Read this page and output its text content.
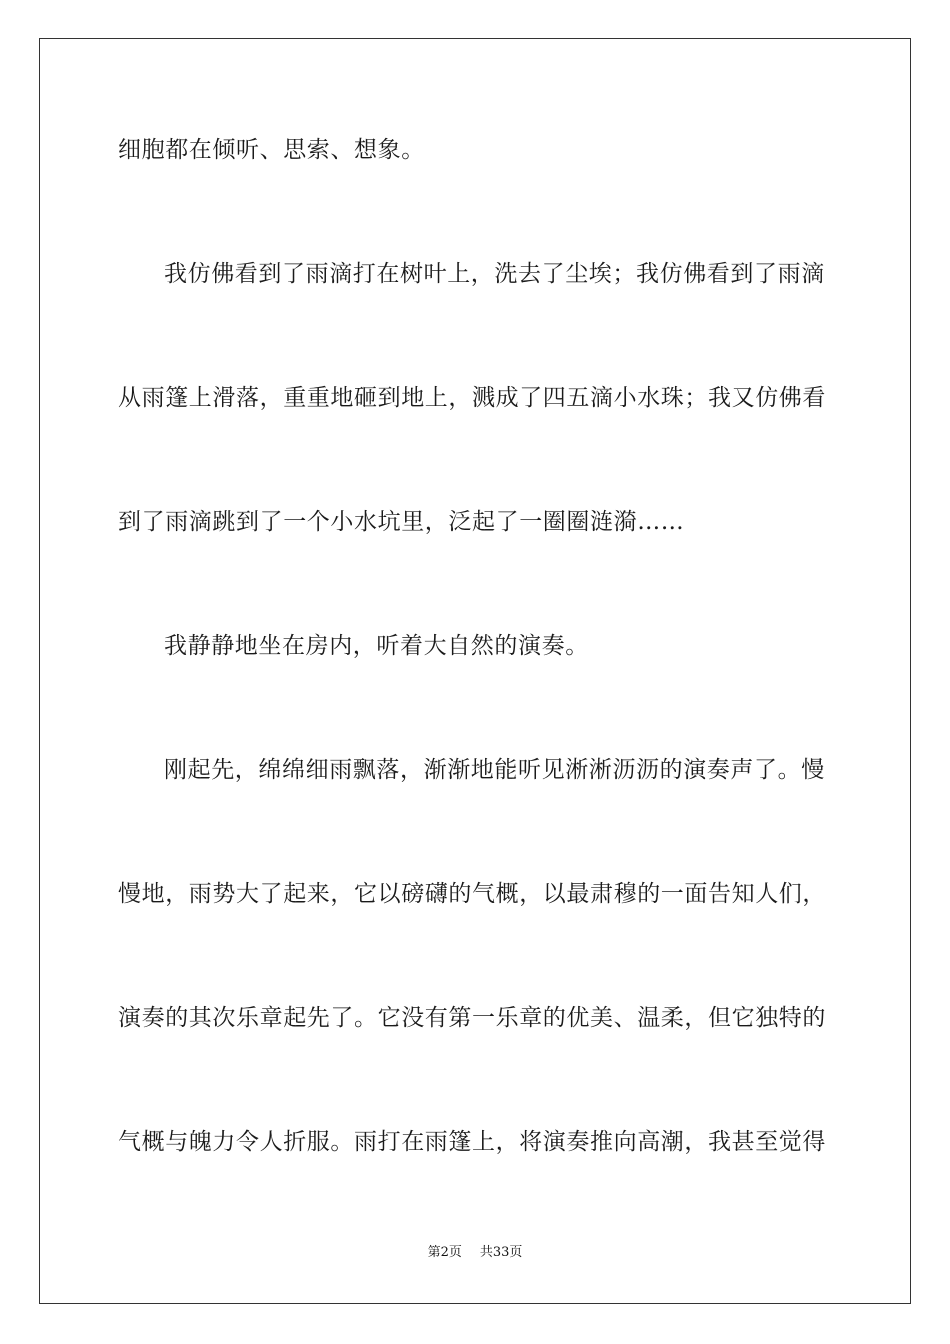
细胞都在倾听、思索、想象。
我仿佛看到了雨滴打在树叶上，洗去了尘埃；我仿佛看到了雨滴
从雨篷上滑落，重重地砸到地上，溅成了四五滴小水珠；我又仿佛看
到了雨滴跳到了一个小水坑里，泛起了一圈圈涟漪……
我静静地坐在房内，听着大自然的演奏。
刚起先，绵绵细雨飘落，渐渐地能听见淅淅沥沥的演奏声了。慢
慢地，雨势大了起来，它以磅礴的气概，以最肃穆的一面告知人们，
演奏的其次乐章起先了。它没有第一乐章的优美、温柔，但它独特的
气概与魄力令人折服。雨打在雨篷上，将演奏推向高潮，我甚至觉得
第2页 共33页
